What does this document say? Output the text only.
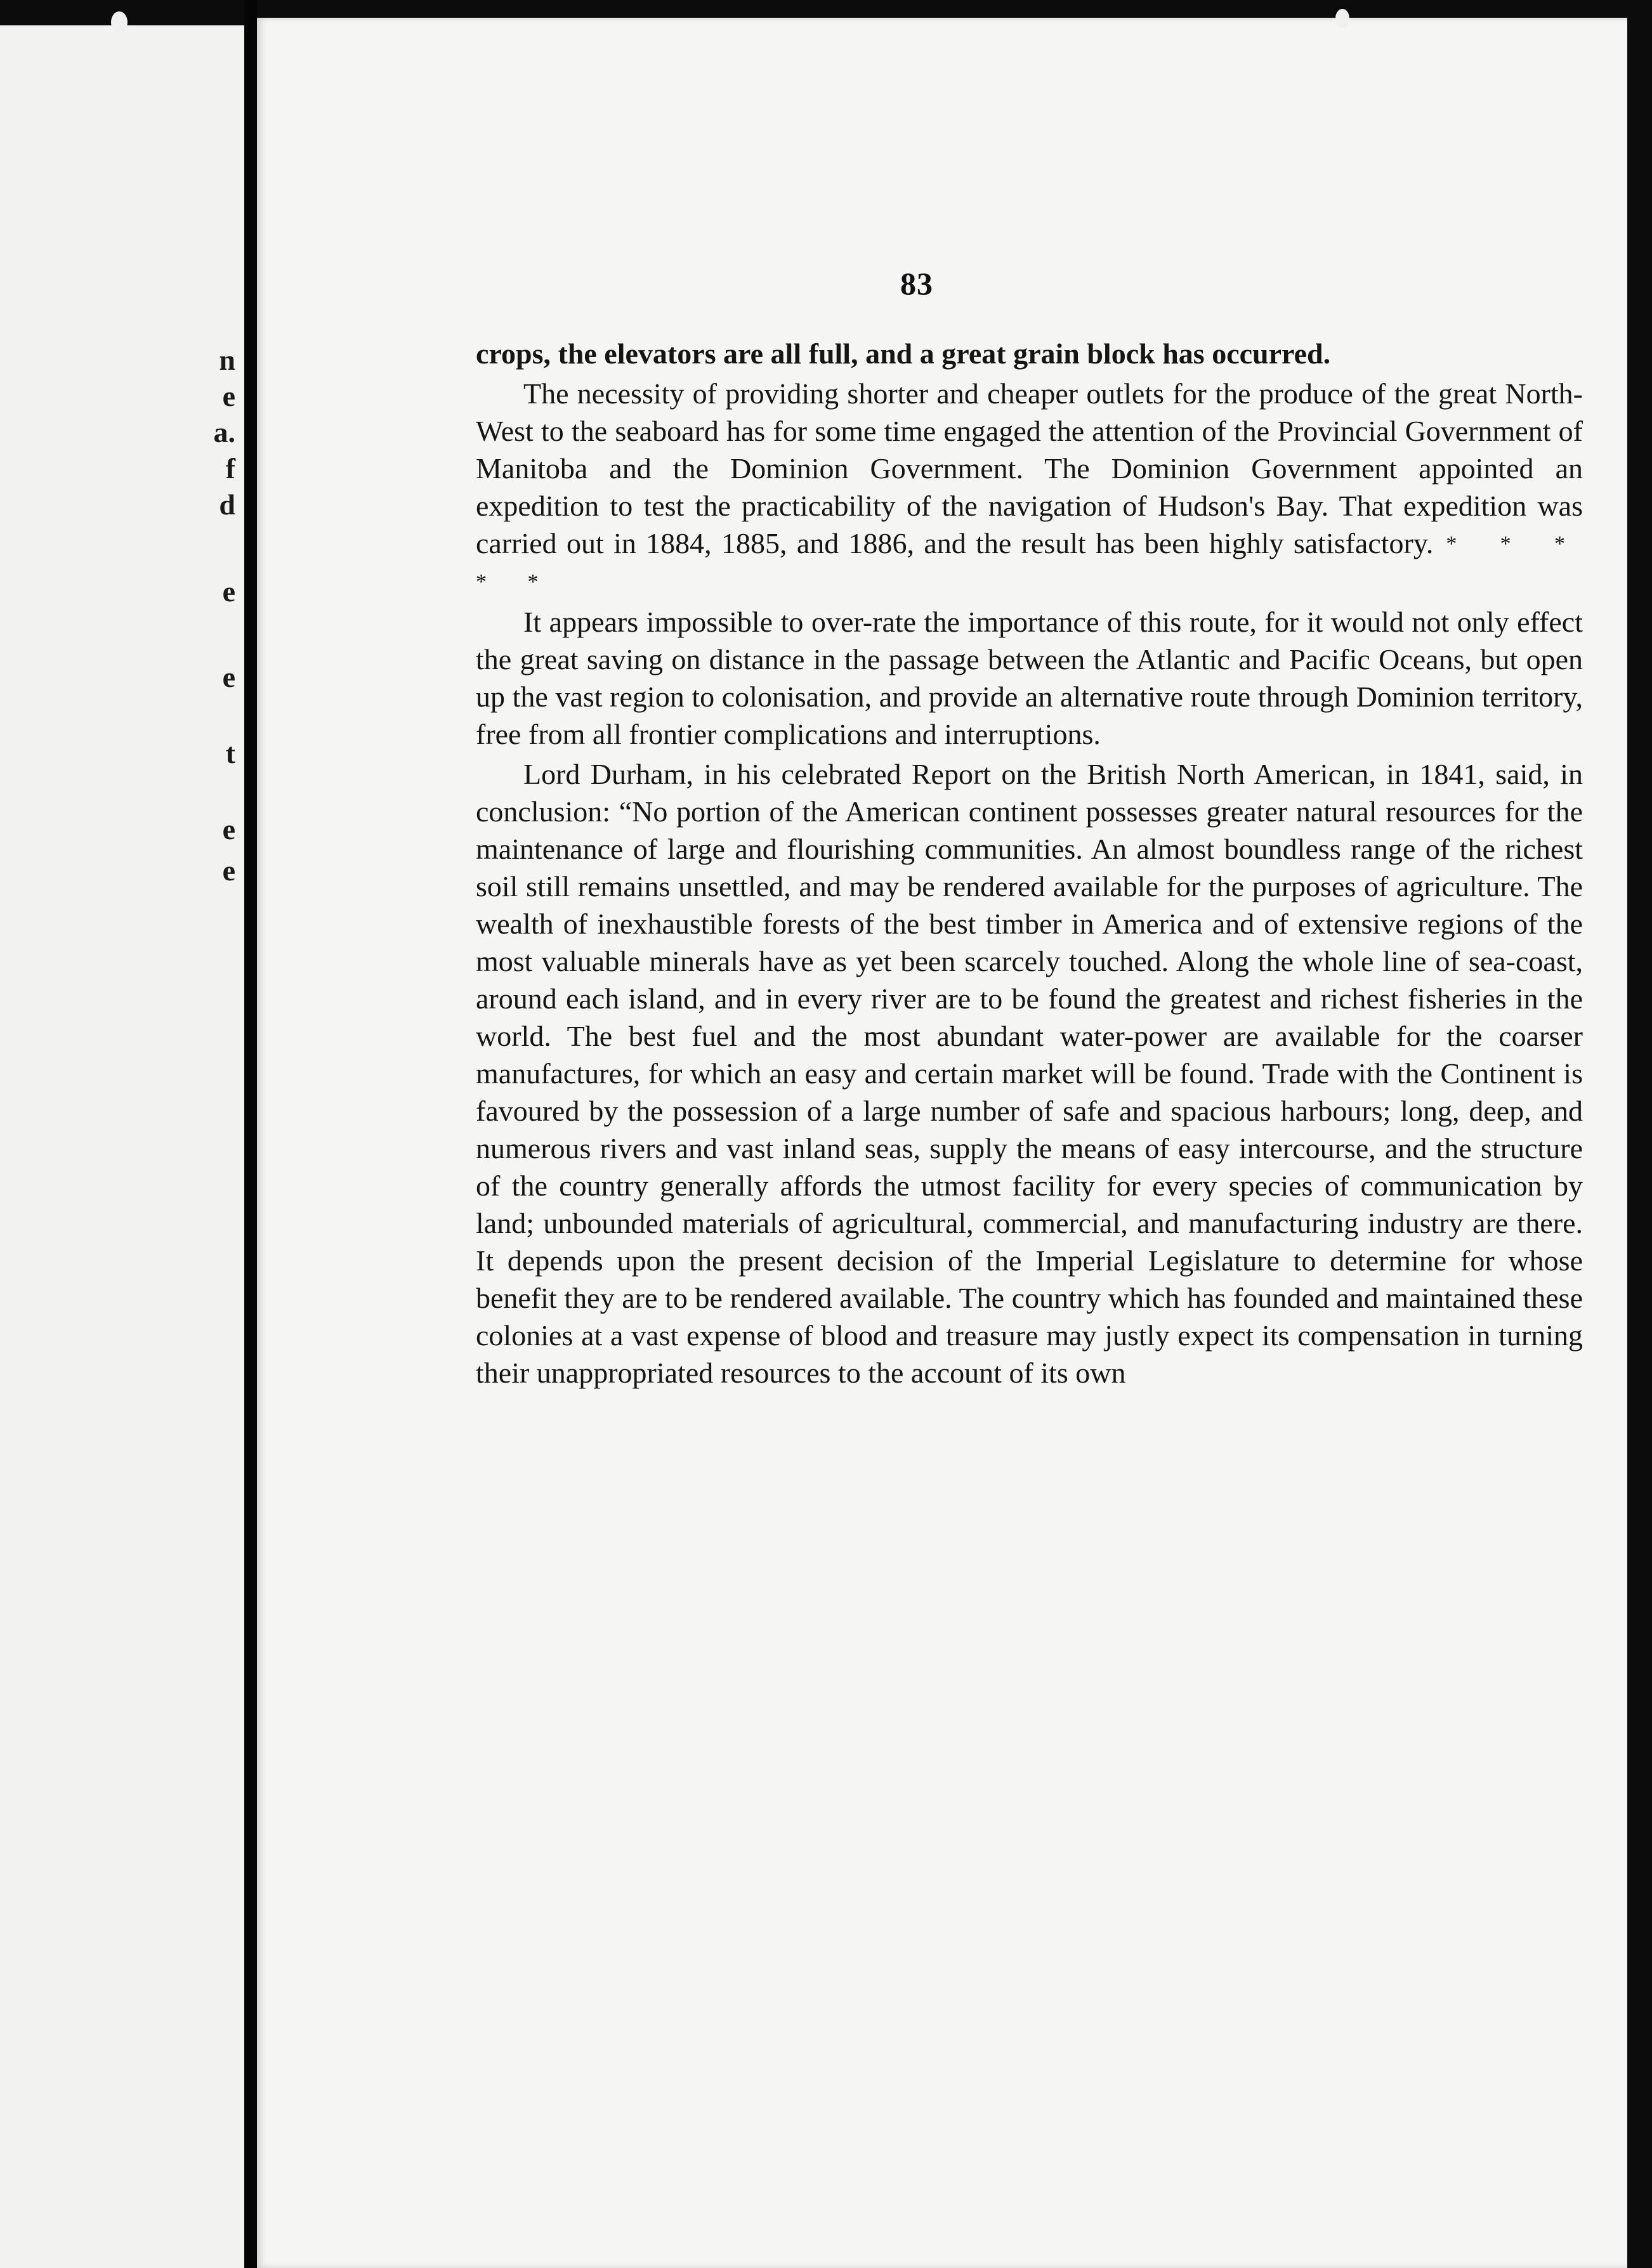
n
e
a.
f
d
e
e
t
e
e
83

crops, the elevators are all full, and a great grain block has occurred.

The necessity of providing shorter and cheaper outlets for the produce of the great North-West to the seaboard has for some time engaged the attention of the Provincial Government of Manitoba and the Dominion Government. The Dominion Government appointed an expedition to test the practicability of the navigation of Hudson's Bay. That expedition was carried out in 1884, 1885, and 1886, and the result has been highly satisfactory. * * * * *

It appears impossible to over-rate the importance of this route, for it would not only effect the great saving on distance in the passage between the Atlantic and Pacific Oceans, but open up the vast region to colonisation, and provide an alternative route through Dominion territory, free from all frontier complications and interruptions.

Lord Durham, in his celebrated Report on the British North American, in 1841, said, in conclusion: “No portion of the American continent possesses greater natural resources for the maintenance of large and flourishing communities. An almost boundless range of the richest soil still remains unsettled, and may be rendered available for the purposes of agriculture. The wealth of inexhaustible forests of the best timber in America and of extensive regions of the most valuable minerals have as yet been scarcely touched. Along the whole line of sea-coast, around each island, and in every river are to be found the greatest and richest fisheries in the world. The best fuel and the most abundant water-power are available for the coarser manufactures, for which an easy and certain market will be found. Trade with the Continent is favoured by the possession of a large number of safe and spacious harbours; long, deep, and numerous rivers and vast inland seas, supply the means of easy intercourse, and the structure of the country generally affords the utmost facility for every species of communication by land; unbounded materials of agricultural, commercial, and manufacturing industry are there. It depends upon the present decision of the Imperial Legislature to determine for whose benefit they are to be rendered available. The country which has founded and maintained these colonies at a vast expense of blood and treasure may justly expect its compensation in turning their unappropriated resources to the account of its own
